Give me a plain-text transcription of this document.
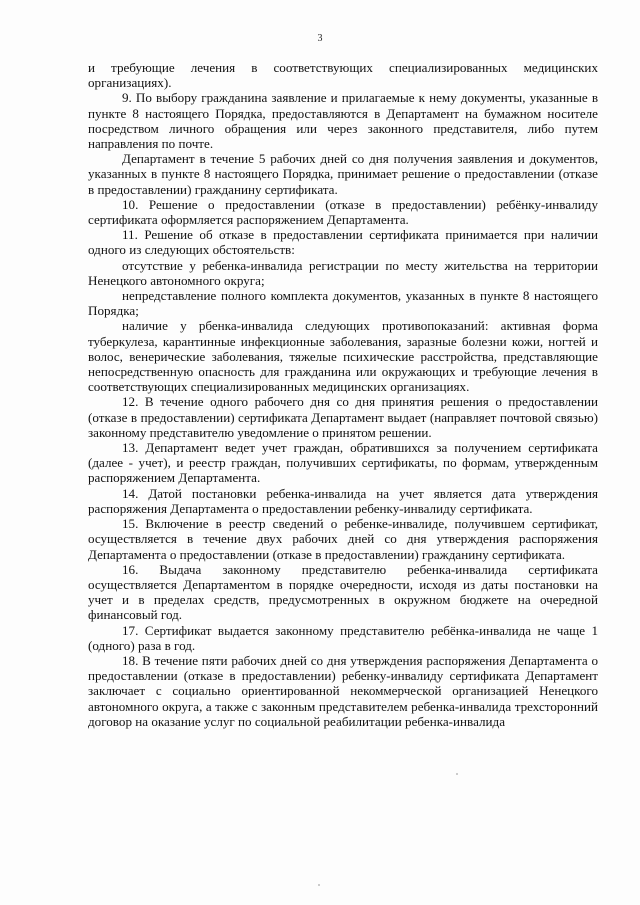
3

и требующие лечения в соответствующих специализированных медицинских организациях).

9. По выбору гражданина заявление и прилагаемые к нему документы, указанные в пункте 8 настоящего Порядка, предоставляются в Департамент на бумажном носителе посредством личного обращения или через законного представителя, либо путем направления по почте.

Департамент в течение 5 рабочих дней со дня получения заявления и документов, указанных в пункте 8 настоящего Порядка, принимает решение о предоставлении (отказе в предоставлении) гражданину сертификата.

10. Решение о предоставлении (отказе в предоставлении) ребёнку-инвалиду сертификата оформляется распоряжением Департамента.

11. Решение об отказе в предоставлении сертификата принимается при наличии одного из следующих обстоятельств:

отсутствие у ребенка-инвалида регистрации по месту жительства на территории Ненецкого автономного округа;

непредставление полного комплекта документов, указанных в пункте 8 настоящего Порядка;

наличие у рбенка-инвалида следующих противопоказаний: активная форма туберкулеза, карантинные инфекционные заболевания, заразные болезни кожи, ногтей и волос, венерические заболевания, тяжелые психические расстройства, представляющие непосредственную опасность для гражданина или окружающих и требующие лечения в соответствующих специализированных медицинских организациях.

12. В течение одного рабочего дня со дня принятия решения о предоставлении (отказе в предоставлении) сертификата Департамент выдает (направляет почтовой связью) законному представителю уведомление о принятом решении.

13. Департамент ведет учет граждан, обратившихся за получением сертификата (далее - учет), и реестр граждан, получивших сертификаты, по формам, утвержденным распоряжением Департамента.

14. Датой постановки ребенка-инвалида на учет является дата утверждения распоряжения Департамента о предоставлении ребенку-инвалиду сертификата.

15. Включение в реестр сведений о ребенке-инвалиде, получившем сертификат, осуществляется в течение двух рабочих дней со дня утверждения распоряжения Департамента о предоставлении (отказе в предоставлении) гражданину сертификата.

16. Выдача законному представителю ребенка-инвалида сертификата осуществляется Департаментом в порядке очередности, исходя из даты постановки на учет и в пределах средств, предусмотренных в окружном бюджете на очередной финансовый год.

17. Сертификат выдается законному представителю ребёнка-инвалида не чаще 1 (одного) раза в год.

18. В течение пяти рабочих дней со дня утверждения распоряжения Департамента о предоставлении (отказе в предоставлении) ребенку-инвалиду сертификата Департамент заключает с социально ориентированной некоммерческой организацией Ненецкого автономного округа, а также с законным представителем ребенка-инвалида трехсторонний договор на оказание услуг по социальной реабилитации ребенка-инвалида
